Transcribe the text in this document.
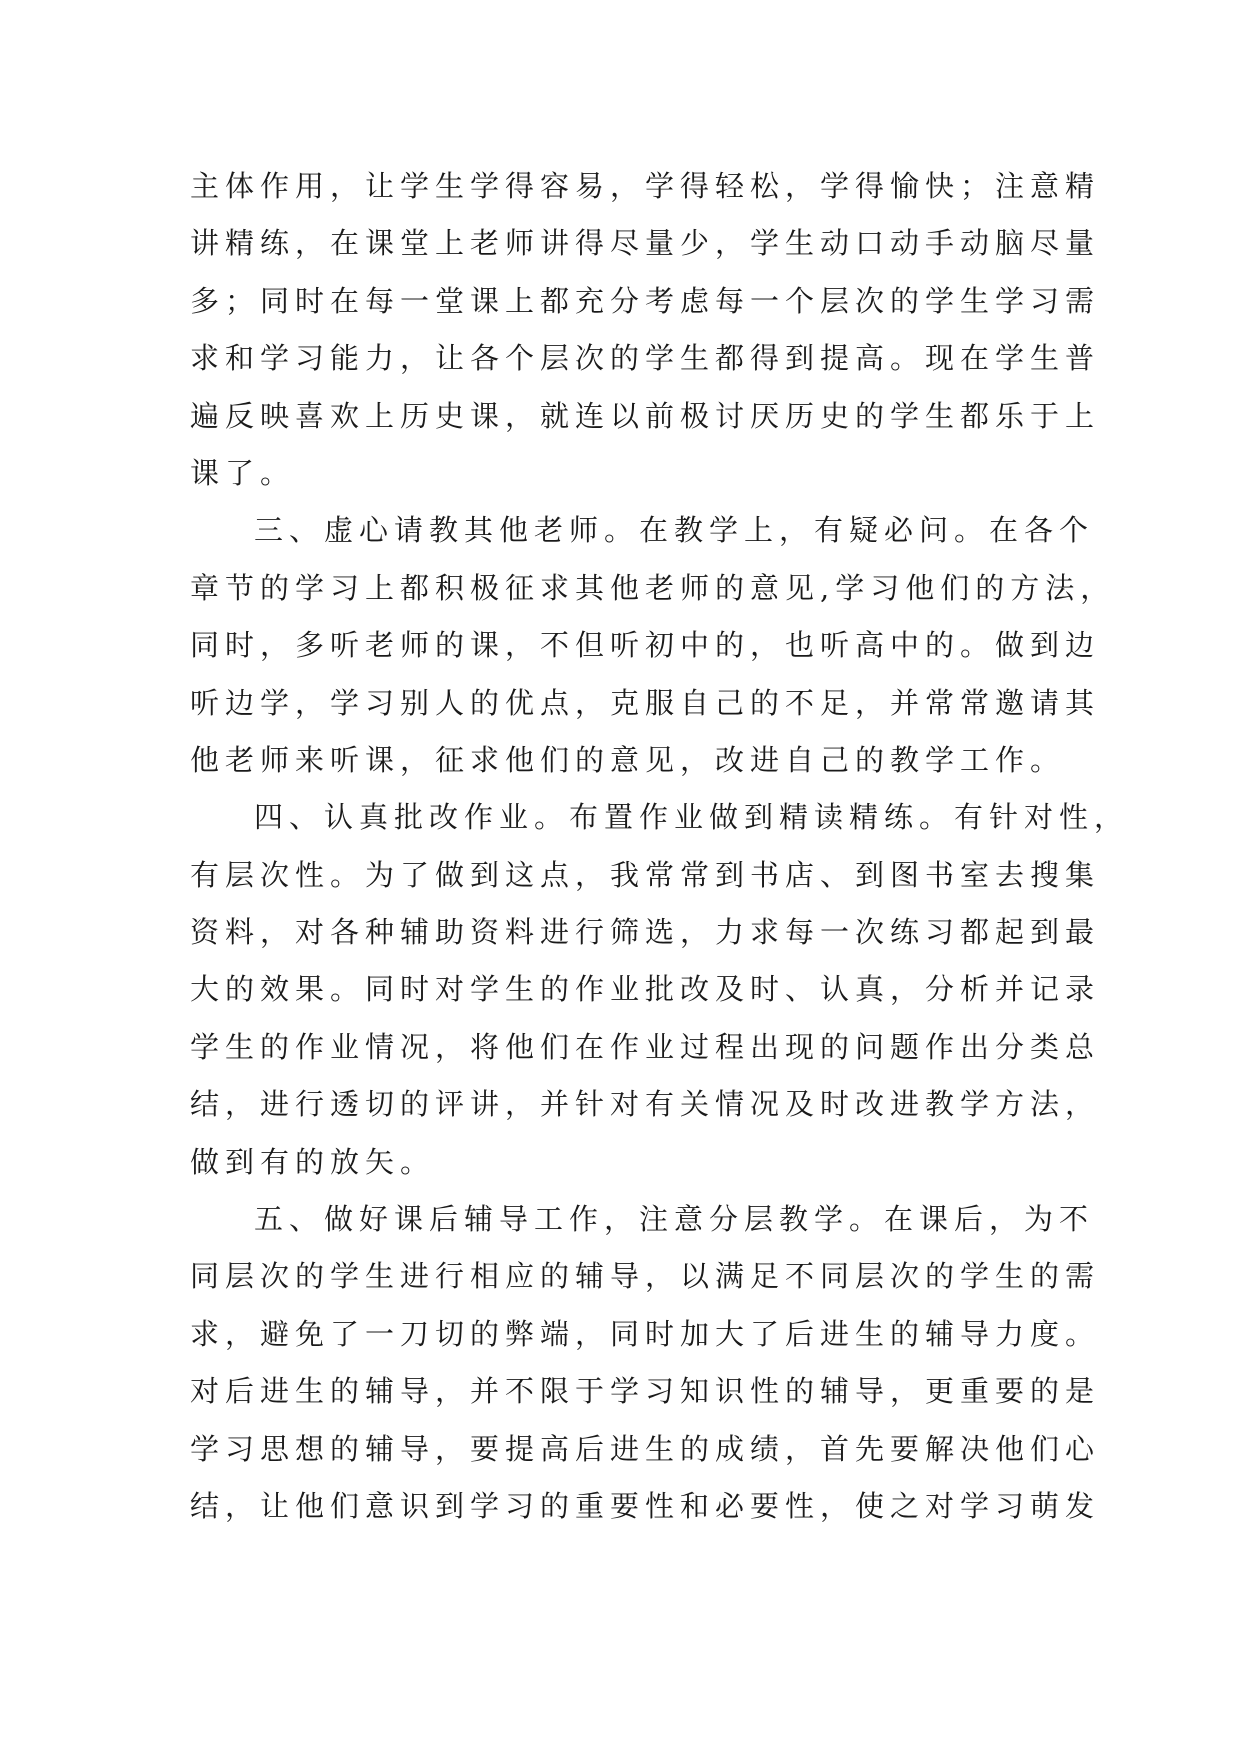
主体作用，让学生学得容易，学得轻松，学得愉快；注意精
讲精练，在课堂上老师讲得尽量少，学生动口动手动脑尽量
多；同时在每一堂课上都充分考虑每一个层次的学生学习需
求和学习能力，让各个层次的学生都得到提高。现在学生普
遍反映喜欢上历史课，就连以前极讨厌历史的学生都乐于上
课了。
三、虚心请教其他老师。在教学上，有疑必问。在各个
章节的学习上都积极征求其他老师的意见,学习他们的方法，
同时，多听老师的课，不但听初中的，也听高中的。做到边
听边学，学习别人的优点，克服自己的不足，并常常邀请其
他老师来听课，征求他们的意见，改进自己的教学工作。
四、认真批改作业。布置作业做到精读精练。有针对性，
有层次性。为了做到这点，我常常到书店、到图书室去搜集
资料，对各种辅助资料进行筛选，力求每一次练习都起到最
大的效果。同时对学生的作业批改及时、认真，分析并记录
学生的作业情况，将他们在作业过程出现的问题作出分类总
结，进行透切的评讲，并针对有关情况及时改进教学方法，
做到有的放矢。
五、做好课后辅导工作，注意分层教学。在课后，为不
同层次的学生进行相应的辅导，以满足不同层次的学生的需
求，避免了一刀切的弊端，同时加大了后进生的辅导力度。
对后进生的辅导，并不限于学习知识性的辅导，更重要的是
学习思想的辅导，要提高后进生的成绩，首先要解决他们心
结，让他们意识到学习的重要性和必要性，使之对学习萌发
